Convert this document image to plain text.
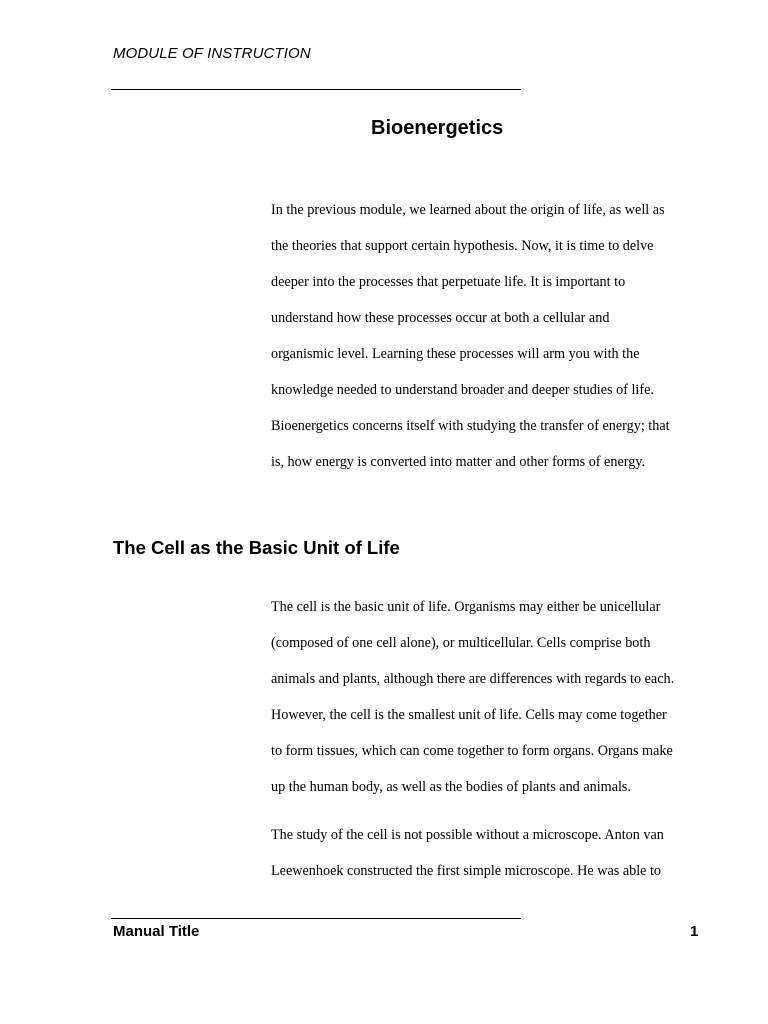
MODULE OF INSTRUCTION
Bioenergetics
In the previous module, we learned about the origin of life, as well as
the theories that support certain hypothesis. Now, it is time to delve
deeper into the processes that perpetuate life. It is important to
understand how these processes occur at both a cellular and
organismic level. Learning these processes will arm you with the
knowledge needed to understand broader and deeper studies of life.
Bioenergetics concerns itself with studying the transfer of energy; that
is, how energy is converted into matter and other forms of energy.
The Cell as the Basic Unit of Life
The cell is the basic unit of life. Organisms may either be unicellular
(composed of one cell alone), or multicellular. Cells comprise both
animals and plants, although there are differences with regards to each.
However, the cell is the smallest unit of life. Cells may come together
to form tissues, which can come together to form organs. Organs make
up the human body, as well as the bodies of plants and animals.
The study of the cell is not possible without a microscope. Anton van
Leewenhoek constructed the first simple microscope. He was able to
Manual Title	1
